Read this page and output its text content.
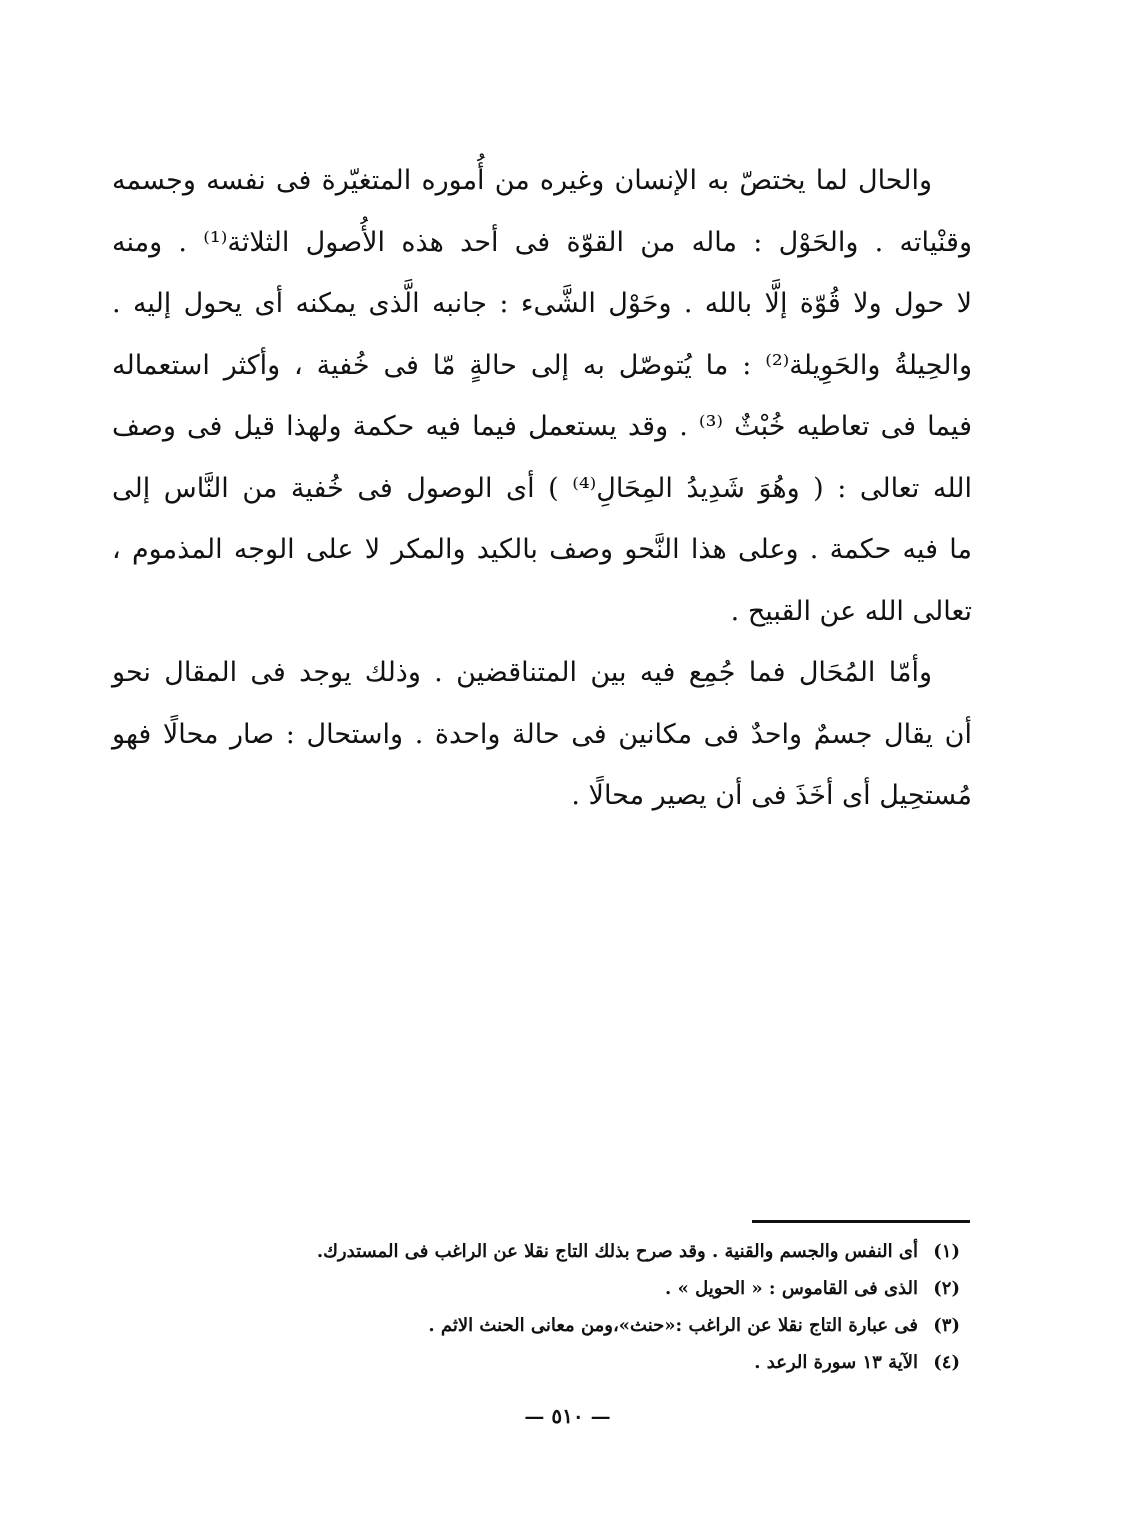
والحال لما يختصّ به الإنسان وغيره من أُموره المتغيّرة فى نفسه وجسمه
وقنْياته . والحَوْل : ماله من القوّة فى أحد هذه الأُصول الثلاثة⁽¹⁾ . ومنه
لا حول ولا قُوّة إلَّا بالله . وحَوْل الشَّىء : جانبه الَّذى يمكنه أى يحول إليه .
والحِيلةُ والحَوِيلة⁽²⁾ : ما يُتوصّل به إلى حالةٍ مّا فى خُفية ، وأكثر استعماله
فيما فى تعاطيه خُبْثٌ ⁽³⁾ . وقد يستعمل فيما فيه حكمة ولهذا قيل فى وصف
الله تعالى : ( وهُوَ شَدِيدُ المِحَالِ⁽⁴⁾ ) أى الوصول فى خُفية من النَّاس إلى
ما فيه حكمة . وعلى هذا النَّحو وصف بالكيد والمكر لا على الوجه المذموم ،
تعالى الله عن القبيح .

وأمّا المُحَال فما جُمِع فيه بين المتناقضين . وذلك يوجد فى المقال نحو
أن يقال جسمٌ واحدٌ فى مكانين فى حالة واحدة . واستحال : صار محالًا فهو
مُستحِيل أى أخَذَ فى أن يصير محالًا .

(١)
أى النفس والجسم والقنية . وقد صرح بذلك التاج نقلا عن الراغب فى المستدرك.
(٢)
الذى فى القاموس : « الحويل » .
(٣)
فى عبارة التاج نقلا عن الراغب :«حنث»،ومن معانى الحنث الاثم .
(٤)
الآية ١٣ سورة الرعد .
— ٥١٠ —
